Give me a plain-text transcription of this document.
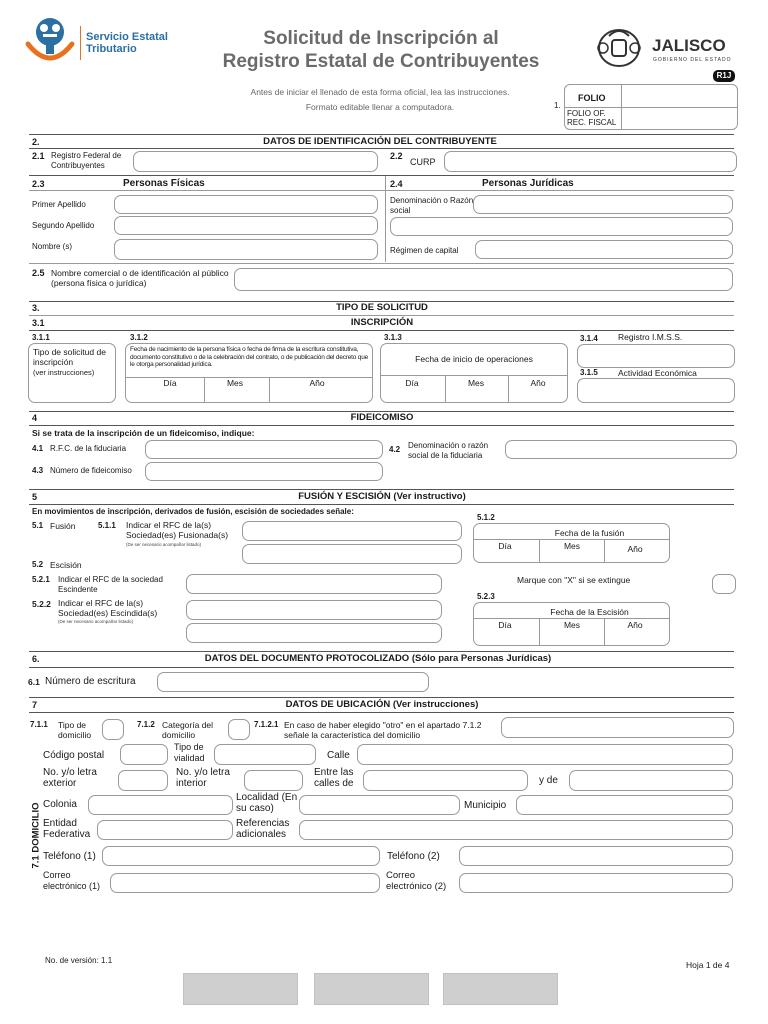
Servicio Estatal
Tributario	Solicitud de Inscripción al
Registro Estatal de Contribuyentes
JALISCO
GOBIERNO DEL ESTADO
R1J
Antes de iniciar el llenado de esta forma oficial, lea las instrucciones.
Formato editable llenar a computadora.	1.
FOLIO
FOLIO OF. REC. FISCAL
2.	DATOS DE IDENTIFICACIÓN DEL CONTRIBUYENTE
2.1 Registro Federal de Contribuyentes
2.2
CURP
2.3	Personas Físicas	2.4	Personas Jurídicas
Primer Apellido
Segundo Apellido
Nombre (s)
Denominación o Razón social
Régimen de capital
2.5 Nombre comercial o de identificación al público (persona física o jurídica)
3.	TIPO DE SOLICITUD
3.1	INSCRIPCIÓN
3.1.1
Tipo de solicitud de inscripción
(ver instrucciones)
3.1.2
Fecha de nacimiento de la persona física o fecha de firma de la escritura constitutiva, documento constitutivo o de la celebración del contrato, o de publicación del decreto que le otorga personalidad jurídica.
Día	Mes	Año
3.1.3
Fecha de inicio de operaciones
Día	Mes	Año
3.1.4 Registro I.M.S.S.
3.1.5 Actividad Económica
4	FIDEICOMISO
Si se trata de la inscripción de un fideicomiso, indique:
4.1 R.F.C. de la fiduciaria	4.2 Denominación o razón social de la fiduciaria
4.3 Número de fideicomiso
5	FUSIÓN Y ESCISIÓN (Ver instructivo)
En movimientos de inscripción, derivados de fusión, escisión de sociedades señale:
5.1 Fusión	5.1.1 Indicar el RFC de la(s) Sociedad(es) Fusionada(s)
(De ser necesario acompañar listado)
5.1.2
Fecha de la fusión
Día	Mes	Año
5.2 Escisión
5.2.1 Indicar el RFC de la sociedad Escindente
Marque con "X" si se extingue
5.2.2 Indicar el RFC de la(s) Sociedad(es) Escindida(s)
(De ser necesario acompañar listado)
5.2.3
Fecha de la Escisión
Día	Mes	Año
6.	DATOS DEL DOCUMENTO PROTOCOLIZADO (Sólo para Personas Jurídicas)
6.1 Número de escritura
7	DATOS DE UBICACIÓN (Ver instrucciones)
7.1.1 Tipo de domicilio
7.1.2 Categoría del domicilio
7.1.2.1 En caso de haber elegido "otro" en el apartado 7.1.2 señale la característica del domicilio
7.1 DOMICILIO
Código postal
Tipo de vialidad	Calle
No. y/o letra exterior
No. y/o letra interior
Entre las calles de	y de
Colonia
Localidad (En su caso)	Municipio
Entidad Federativa
Referencias adicionales
Teléfono (1)	Teléfono (2)
Correo electrónico (1)
Correo electrónico (2)
No. de versión: 1.1	Hoja 1 de 4
